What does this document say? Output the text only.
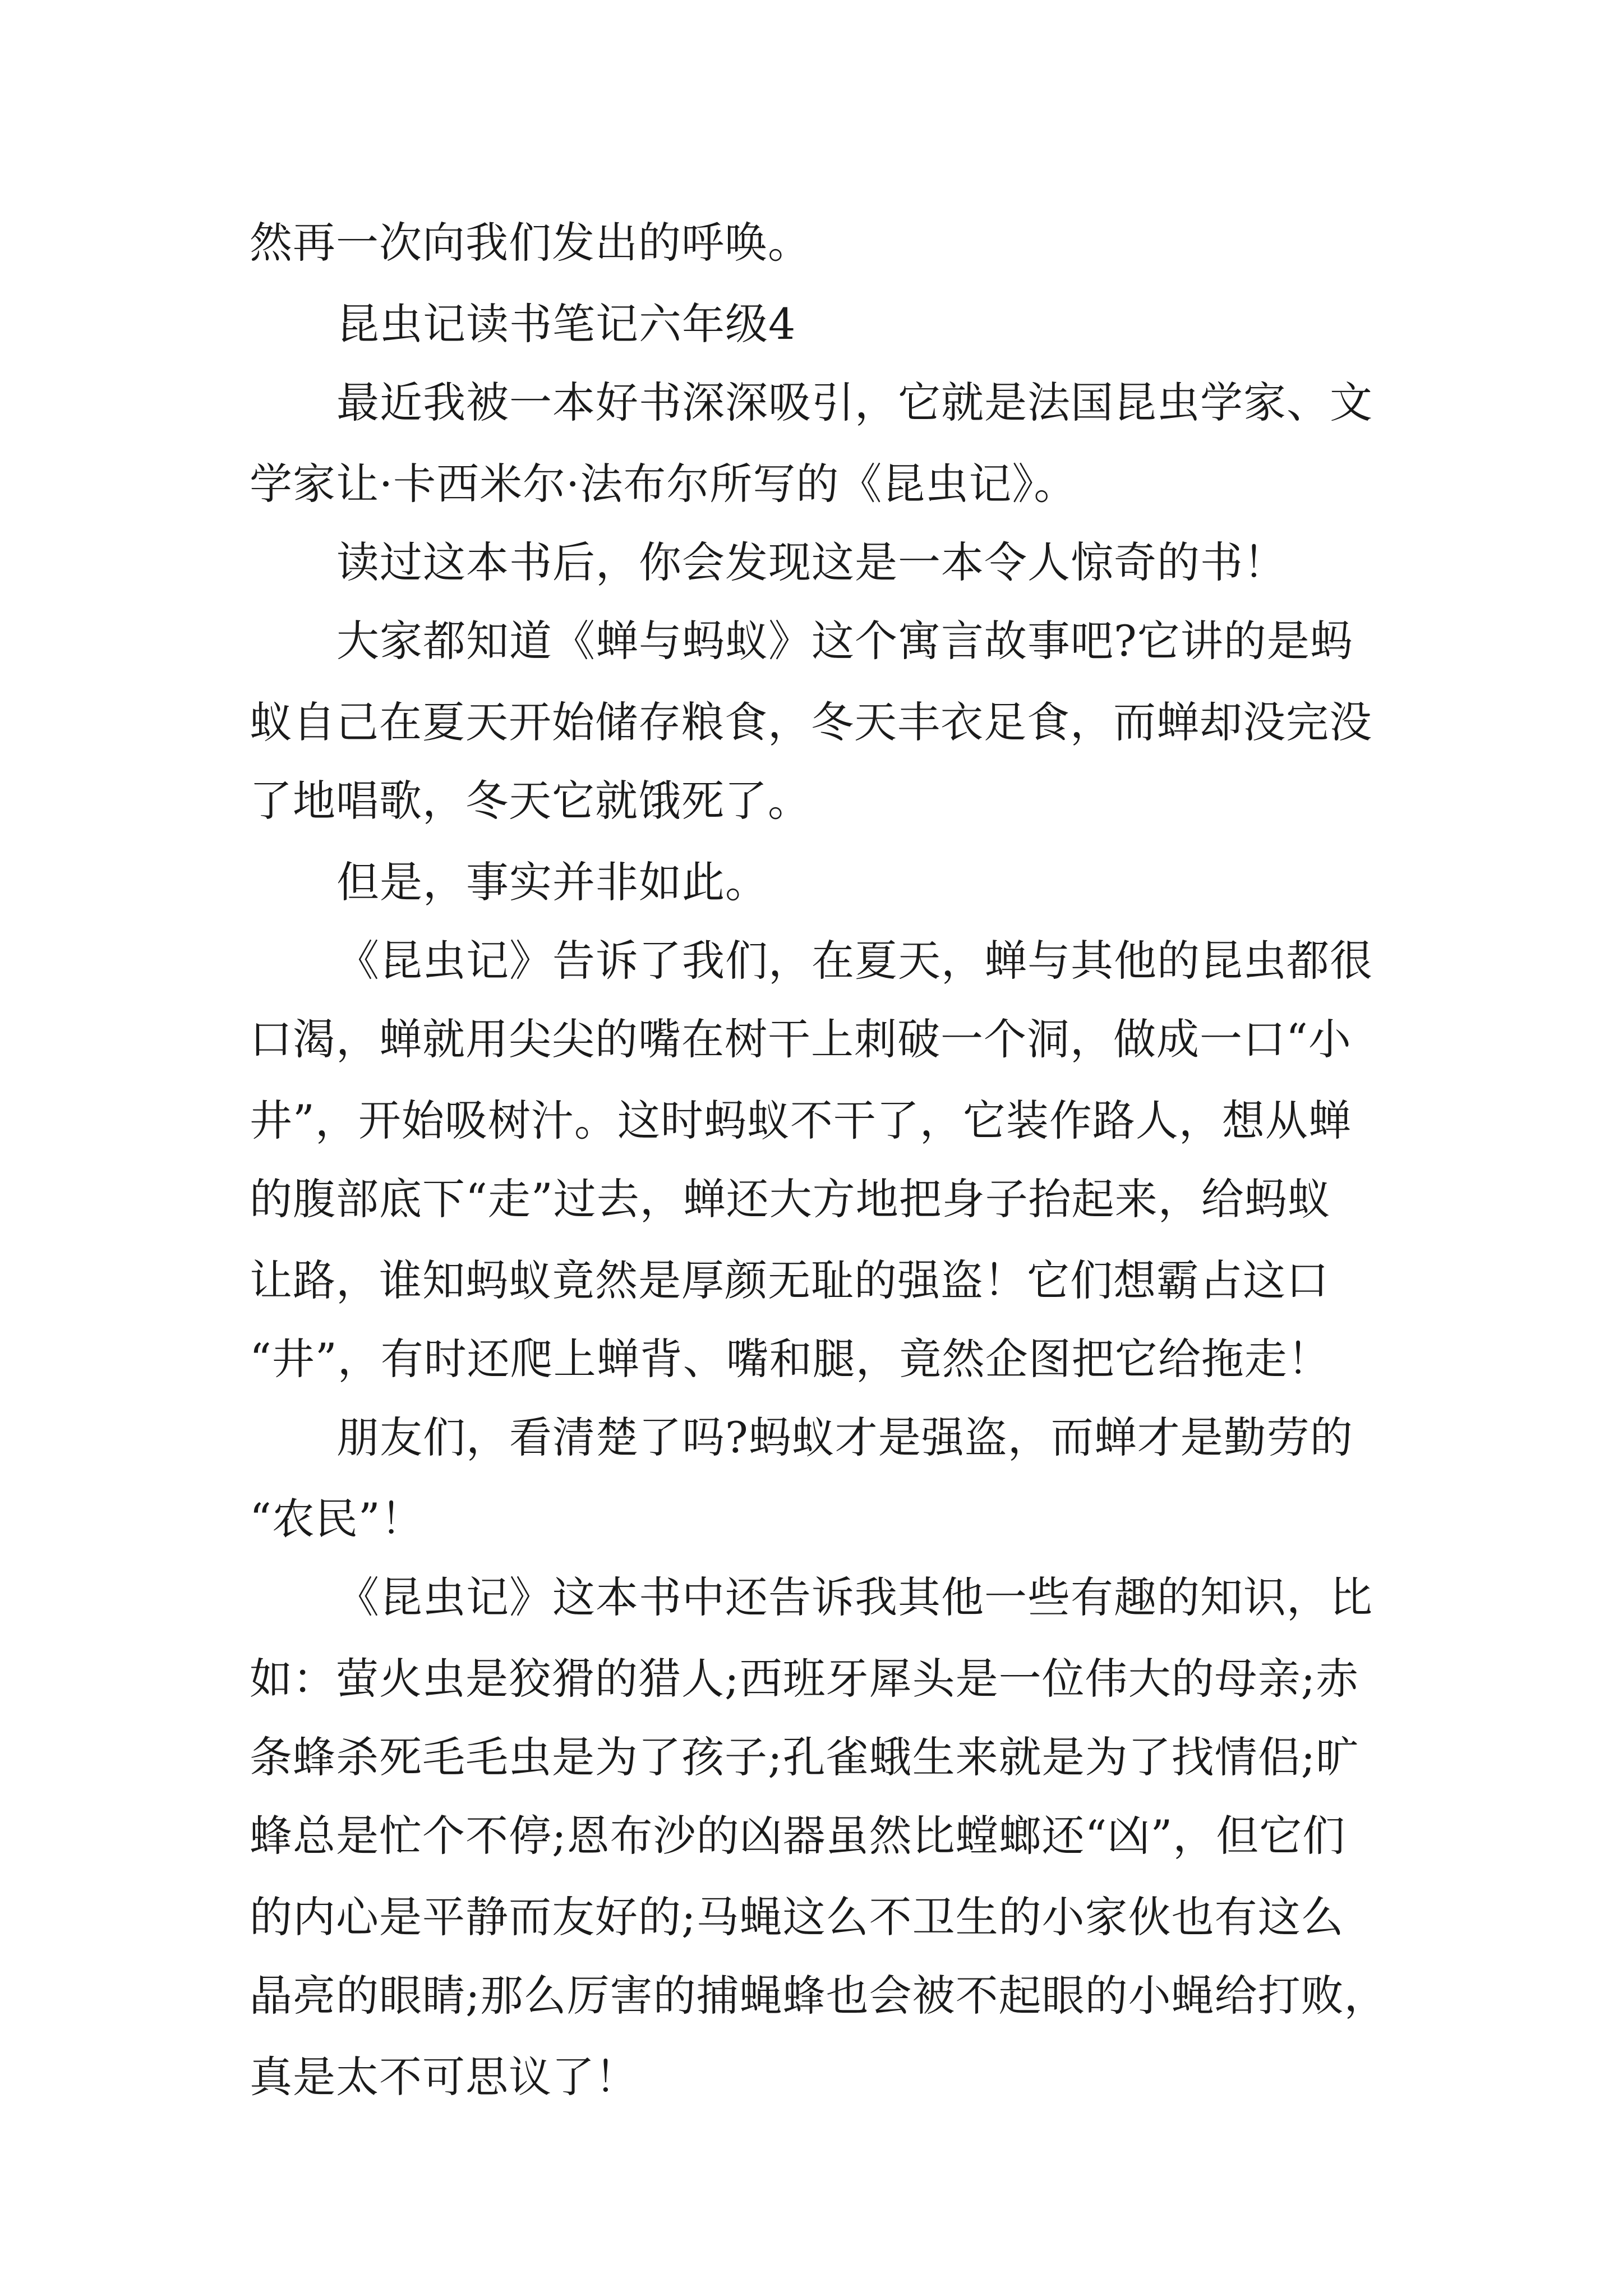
然再一次向我们发出的呼唤。
昆虫记读书笔记六年级4
最近我被一本好书深深吸引，它就是法国昆虫学家、文
学家让·卡西米尔·法布尔所写的《昆虫记》。
读过这本书后，你会发现这是一本令人惊奇的书！
大家都知道《蝉与蚂蚁》这个寓言故事吧?它讲的是蚂
蚁自己在夏天开始储存粮食，冬天丰衣足食，而蝉却没完没
了地唱歌，冬天它就饿死了。
但是，事实并非如此。
《昆虫记》告诉了我们，在夏天，蝉与其他的昆虫都很
口渴，蝉就用尖尖的嘴在树干上刺破一个洞，做成一口“小
井”，开始吸树汁。这时蚂蚁不干了，它装作路人，想从蝉
的腹部底下“走”过去，蝉还大方地把身子抬起来，给蚂蚁
让路，谁知蚂蚁竟然是厚颜无耻的强盗！它们想霸占这口
“井”，有时还爬上蝉背、嘴和腿，竟然企图把它给拖走！
朋友们，看清楚了吗?蚂蚁才是强盗，而蝉才是勤劳的
“农民”！
《昆虫记》这本书中还告诉我其他一些有趣的知识，比
如：萤火虫是狡猾的猎人;西班牙犀头是一位伟大的母亲;赤
条蜂杀死毛毛虫是为了孩子;孔雀蛾生来就是为了找情侣;旷
蜂总是忙个不停;恩布沙的凶器虽然比螳螂还“凶”，但它们
的内心是平静而友好的;马蝇这么不卫生的小家伙也有这么
晶亮的眼睛;那么厉害的捕蝇蜂也会被不起眼的小蝇给打败，
真是太不可思议了！
